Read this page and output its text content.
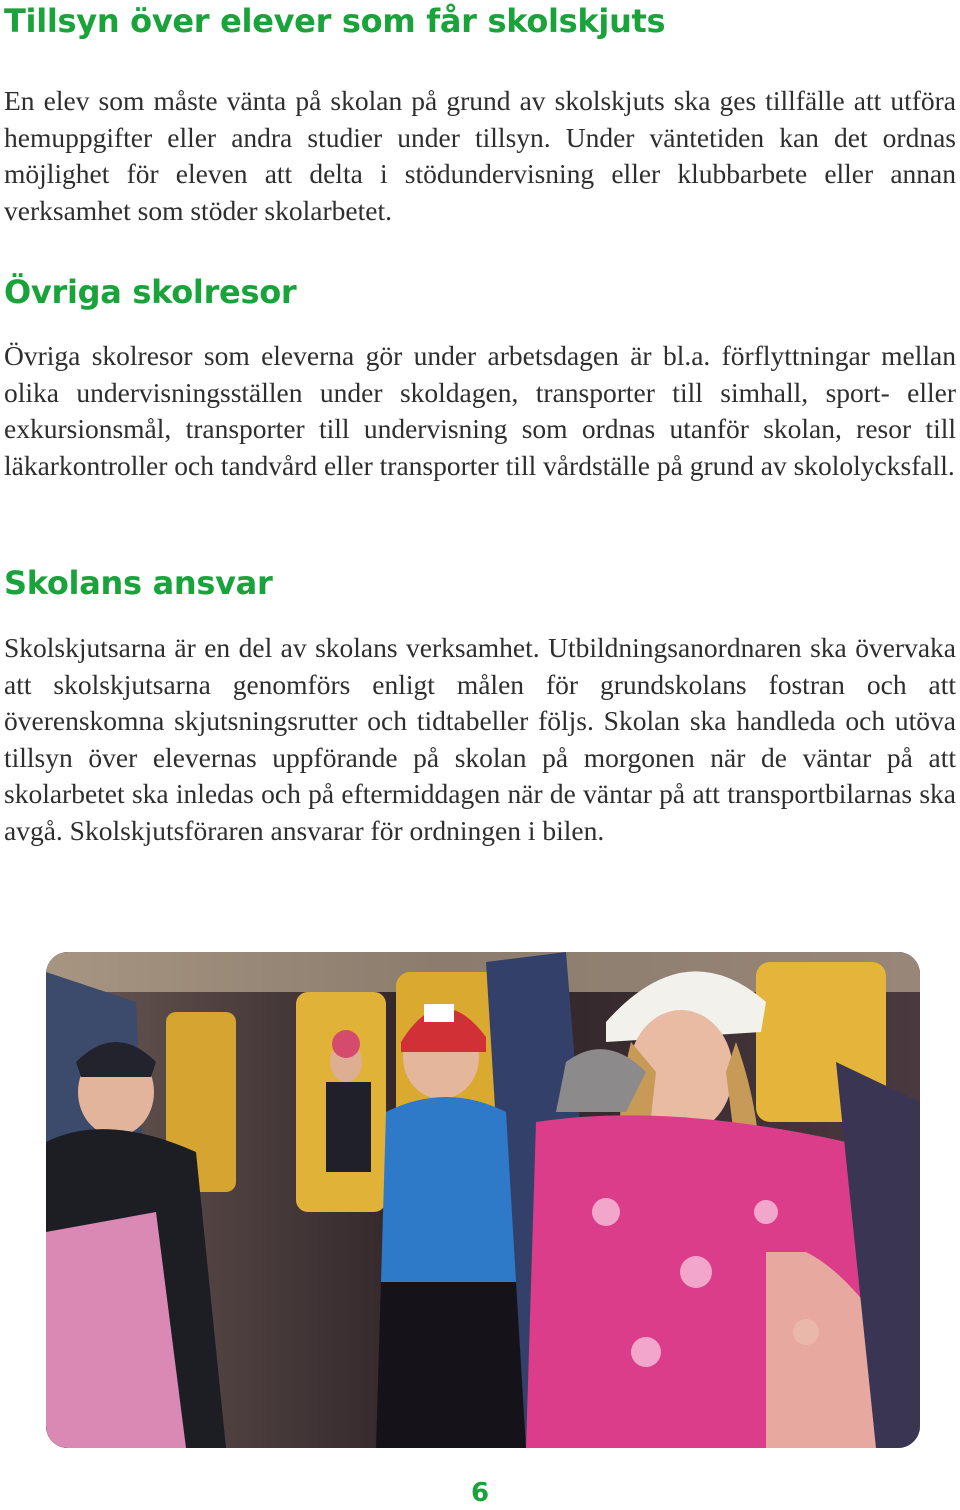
Tillsyn över elever som får skolskjuts

En elev som måste vänta på skolan på grund av skolskjuts ska ges tillfälle att utföra hemuppgifter eller andra studier under tillsyn. Under väntetiden kan det ordnas möjlighet för eleven att delta i stödundervisning eller klubbarbete eller annan verksamhet som stöder skolarbetet.

Övriga skolresor

Övriga skolresor som eleverna gör under arbetsdagen är bl.a. förflyttningar mellan olika undervisningsställen under skoldagen, transporter till simhall, sport- eller exkursionsmål, transporter till undervisning som ordnas utanför skolan, resor till läkarkontroller och tandvård eller transporter till vårdställe på grund av skololycksfall.

Skolans ansvar

Skolskjutsarna är en del av skolans verksamhet. Utbildningsanordnaren ska övervaka att skolskjutsarna genomförs enligt målen för grundskolans fostran och att överenskomna skjutsningsrutter och tidtabeller följs. Skolan ska handleda och utöva tillsyn över elevernas uppförande på skolan på morgonen när de väntar på att skolarbetet ska inledas och på eftermiddagen när de väntar på att transportbilarnas ska avgå. Skolskjutsföraren ansvarar för ordningen i bilen.

6
